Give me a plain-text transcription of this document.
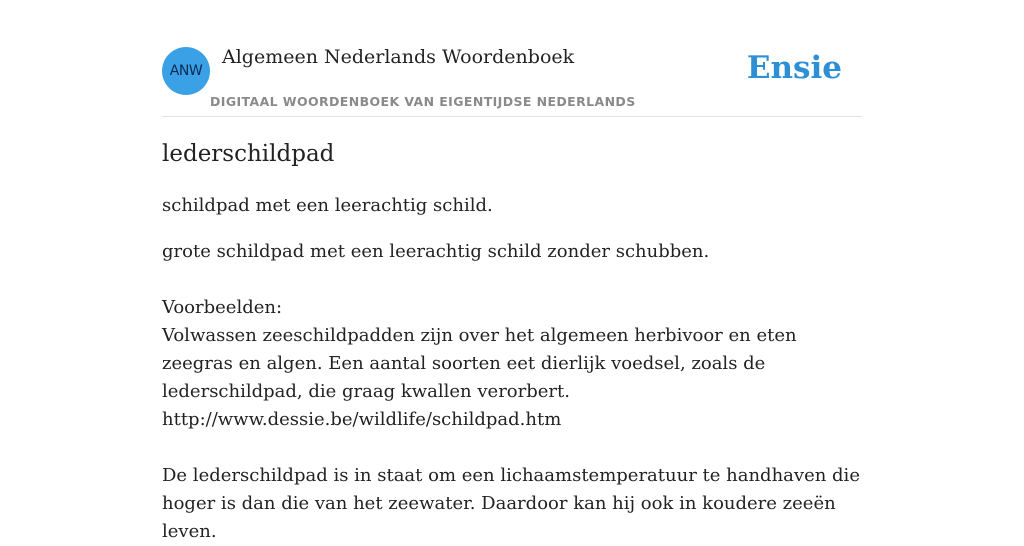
ANW
Algemeen Nederlands Woordenboek
DIGITAAL WOORDENBOEK VAN EIGENTIJDSE NEDERLANDS
Ensie
lederschildpad

schildpad met een leerachtig schild.

grote schildpad met een leerachtig schild zonder schubben.

Voorbeelden:
Volwassen zeeschildpadden zijn over het algemeen herbivoor en eten zeegras en algen. Een aantal soorten eet dierlijk voedsel, zoals de lederschildpad, die graag kwallen verorbert.
http://www.dessie.be/wildlife/schildpad.htm
De lederschildpad is in staat om een lichaamstemperatuur te handhaven die hoger is dan die van het zeewater. Daardoor kan hij ook in koudere zeeën leven.
